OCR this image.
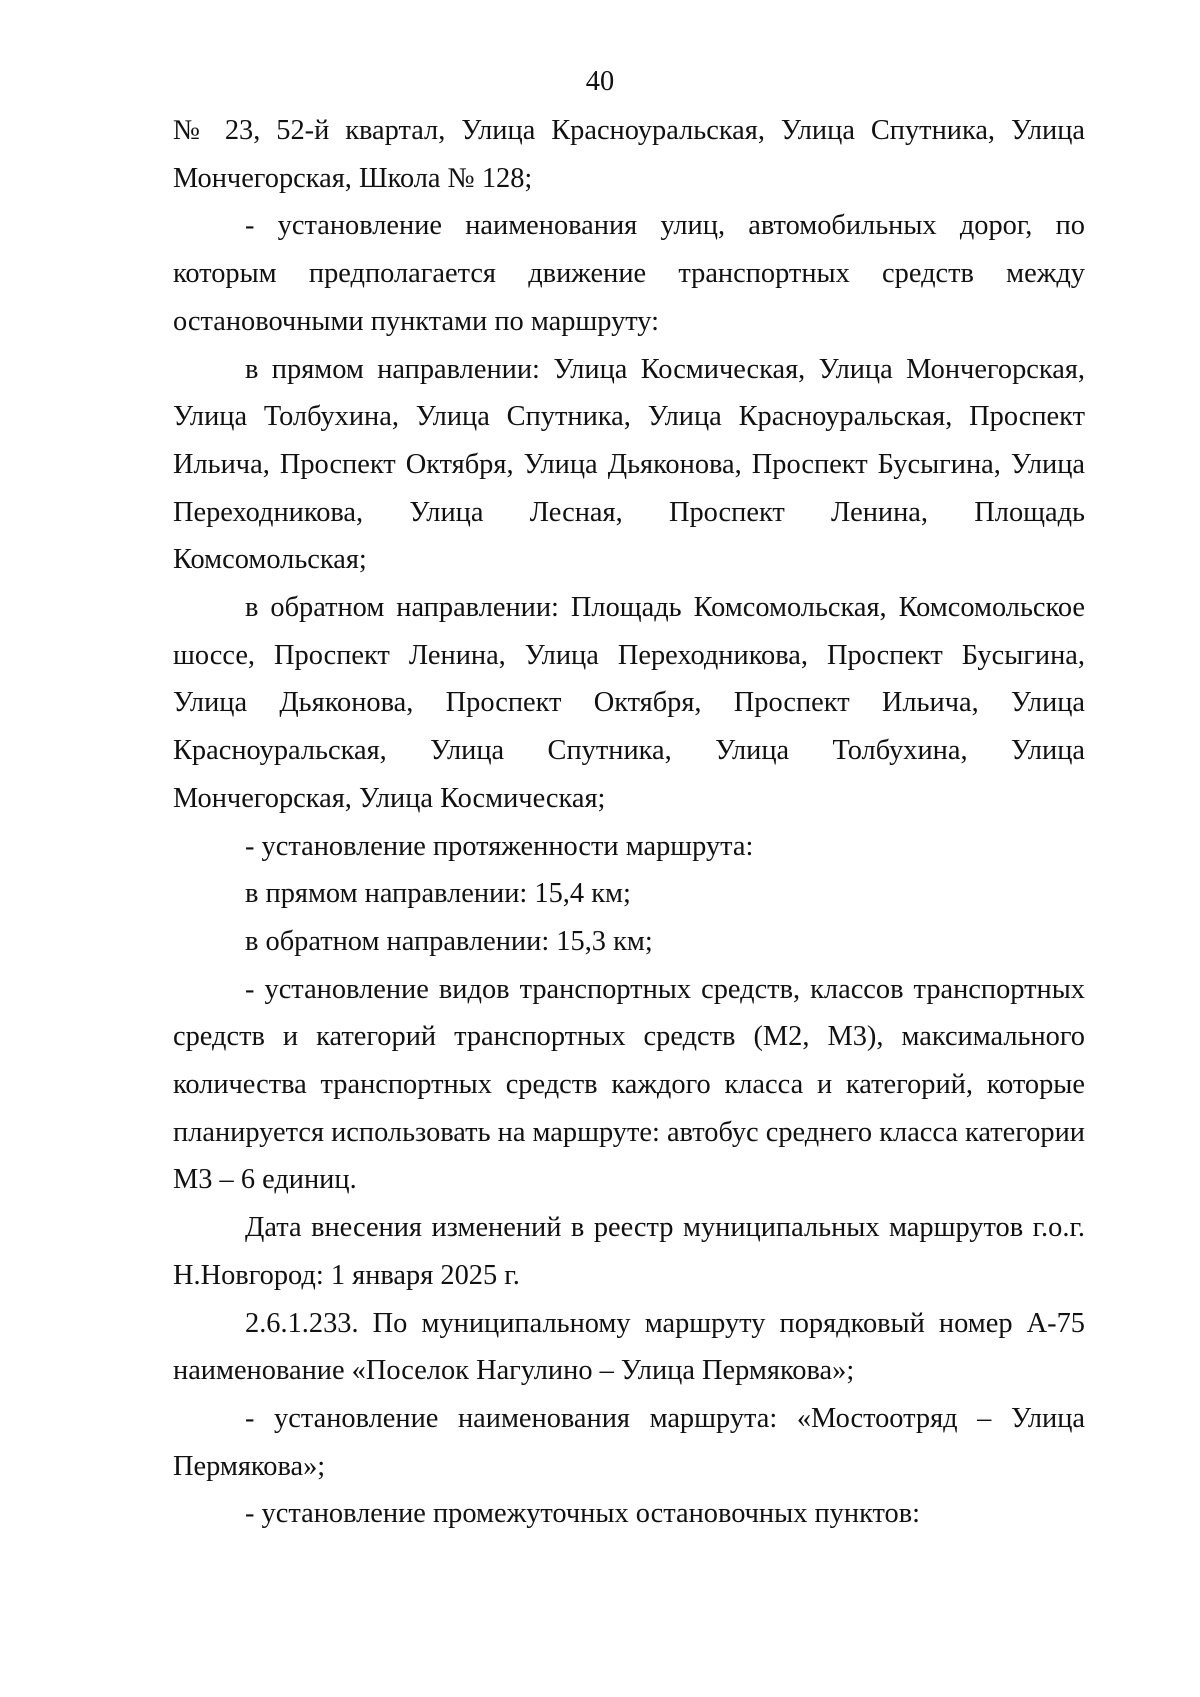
40

№ 23, 52-й квартал, Улица Красноуральская, Улица Спутника, Улица Мончегорская, Школа № 128;

- установление наименования улиц, автомобильных дорог, по которым предполагается движение транспортных средств между остановочными пунктами по маршруту:

в прямом направлении: Улица Космическая, Улица Мончегорская, Улица Толбухина, Улица Спутника, Улица Красноуральская, Проспект Ильича, Проспект Октября, Улица Дьяконова, Проспект Бусыгина, Улица Переходникова, Улица Лесная, Проспект Ленина, Площадь Комсомольская;

в обратном направлении: Площадь Комсомольская, Комсомольское шоссе, Проспект Ленина, Улица Переходникова, Проспект Бусыгина, Улица Дьяконова, Проспект Октября, Проспект Ильича, Улица Красноуральская, Улица Спутника, Улица Толбухина, Улица Мончегорская, Улица Космическая;

- установление протяженности маршрута:

в прямом направлении: 15,4 км;

в обратном направлении: 15,3 км;

- установление видов транспортных средств, классов транспортных средств и категорий транспортных средств (М2, М3), максимального количества транспортных средств каждого класса и категорий, которые планируется использовать на маршруте: автобус среднего класса категории М3 – 6 единиц.

Дата внесения изменений в реестр муниципальных маршрутов г.о.г. Н.Новгород: 1 января 2025 г.

2.6.1.233. По муниципальному маршруту порядковый номер А-75 наименование «Поселок Нагулино – Улица Пермякова»;

- установление наименования маршрута: «Мостоотряд – Улица Пермякова»;

- установление промежуточных остановочных пунктов:
